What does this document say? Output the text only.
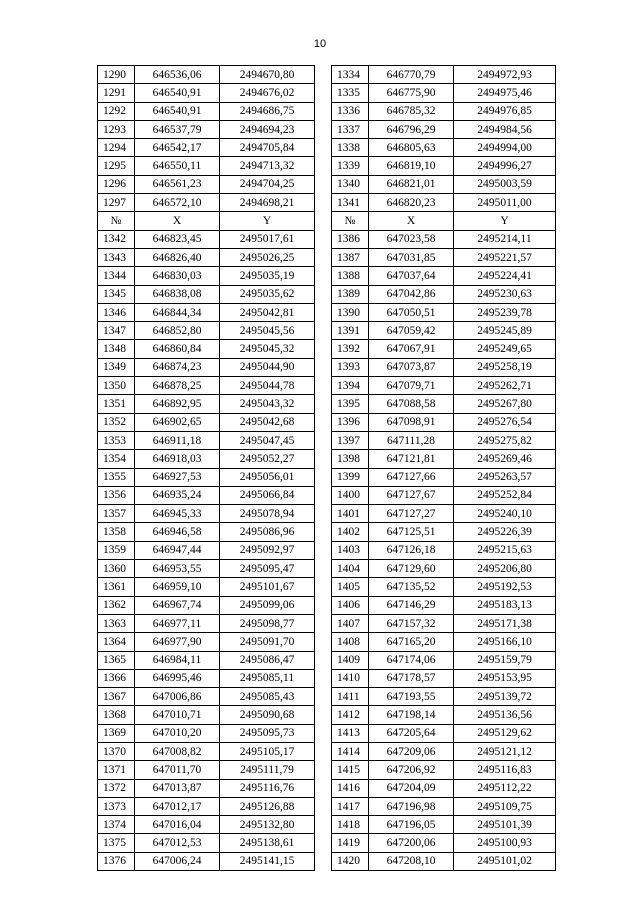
10
1290	646536,06	2494670,80		1334	646770,79	2494972,93
1291	646540,91	2494676,02		1335	646775,90	2494975,46
1292	646540,91	2494686,75		1336	646785,32	2494976,85
1293	646537,79	2494694,23		1337	646796,29	2494984,56
1294	646542,17	2494705,84		1338	646805,63	2494994,00
1295	646550,11	2494713,32		1339	646819,10	2494996,27
1296	646561,23	2494704,25		1340	646821,01	2495003,59
1297	646572,10	2494698,21		1341	646820,23	2495011,00
№	X	Y		№	X	Y
1342	646823,45	2495017,61		1386	647023,58	2495214,11
1343	646826,40	2495026,25		1387	647031,85	2495221,57
1344	646830,03	2495035,19		1388	647037,64	2495224,41
1345	646838,08	2495035,62		1389	647042,86	2495230,63
1346	646844,34	2495042,81		1390	647050,51	2495239,78
1347	646852,80	2495045,56		1391	647059,42	2495245,89
1348	646860,84	2495045,32		1392	647067,91	2495249,65
1349	646874,23	2495044,90		1393	647073,87	2495258,19
1350	646878,25	2495044,78		1394	647079,71	2495262,71
1351	646892,95	2495043,32		1395	647088,58	2495267,80
1352	646902,65	2495042,68		1396	647098,91	2495276,54
1353	646911,18	2495047,45		1397	647111,28	2495275,82
1354	646918,03	2495052,27		1398	647121,81	2495269,46
1355	646927,53	2495056,01		1399	647127,66	2495263,57
1356	646935,24	2495066,84		1400	647127,67	2495252,84
1357	646945,33	2495078,94		1401	647127,27	2495240,10
1358	646946,58	2495086,96		1402	647125,51	2495226,39
1359	646947,44	2495092,97		1403	647126,18	2495215,63
1360	646953,55	2495095,47		1404	647129,60	2495206,80
1361	646959,10	2495101,67		1405	647135,52	2495192,53
1362	646967,74	2495099,06		1406	647146,29	2495183,13
1363	646977,11	2495098,77		1407	647157,32	2495171,38
1364	646977,90	2495091,70		1408	647165,20	2495166,10
1365	646984,11	2495086,47		1409	647174,06	2495159,79
1366	646995,46	2495085,11		1410	647178,57	2495153,95
1367	647006,86	2495085,43		1411	647193,55	2495139,72
1368	647010,71	2495090,68		1412	647198,14	2495136,56
1369	647010,20	2495095,73		1413	647205,64	2495129,62
1370	647008,82	2495105,17		1414	647209,06	2495121,12
1371	647011,70	2495111,79		1415	647206,92	2495116,83
1372	647013,87	2495116,76		1416	647204,09	2495112,22
1373	647012,17	2495126,88		1417	647196,98	2495109,75
1374	647016,04	2495132,80		1418	647196,05	2495101,39
1375	647012,53	2495138,61		1419	647200,06	2495100,93
1376	647006,24	2495141,15		1420	647208,10	2495101,02
